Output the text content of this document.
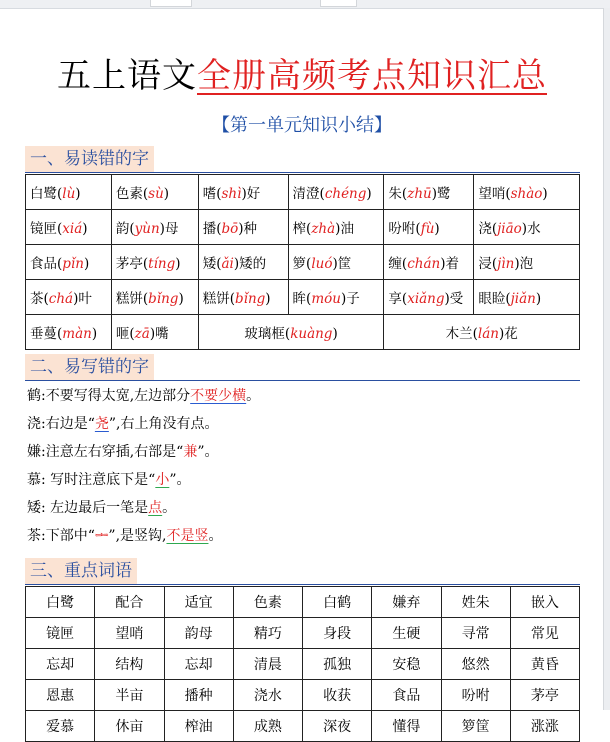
五上语文全册高频考点知识汇总
【第一单元知识小结】
一、易读错的字
白鹭(lù)	色素(sù)	嗜(shì)好	清澄(chéng)	朱(zhū)鹭	望哨(shào)
镜匣(xiá)	韵(yùn)母	播(bō)种	榨(zhà)油	吩咐(fù)	浇(jiāo)水
食品(pǐn)	茅亭(tíng)	矮(ǎi)矮的	箩(luó)筐	缠(chán)着	浸(jìn)泡
茶(chá)叶	糕饼(bǐng)	糕饼(bǐng)	眸(móu)子	享(xiǎng)受	眼睑(jiǎn)
垂蔓(màn)	咂(zā)嘴	玻璃框(kuàng)		木兰(lán)花	
二、易写错的字
鹤:不要写得太宽,左边部分不要少横。
浇:右边是“尧”,右上角没有点。
嫌:注意左右穿插,右部是“兼”。
慕: 写时注意底下是“小”。
矮: 左边最后一笔是点。
茶:下部中“ᆂ”,是竖钩,不是竖。
三、重点词语
白鹭	配合	适宜	色素	白鹤	嫌弃	姓朱	嵌入
镜匣	望哨	韵母	精巧	身段	生硬	寻常	常见
忘却	结构	忘却	清晨	孤独	安稳	悠然	黄昏
恩惠	半亩	播种	浇水	收获	食品	吩咐	茅亭
爱慕	休亩	榨油	成熟	深夜	懂得	箩筐	涨涨
